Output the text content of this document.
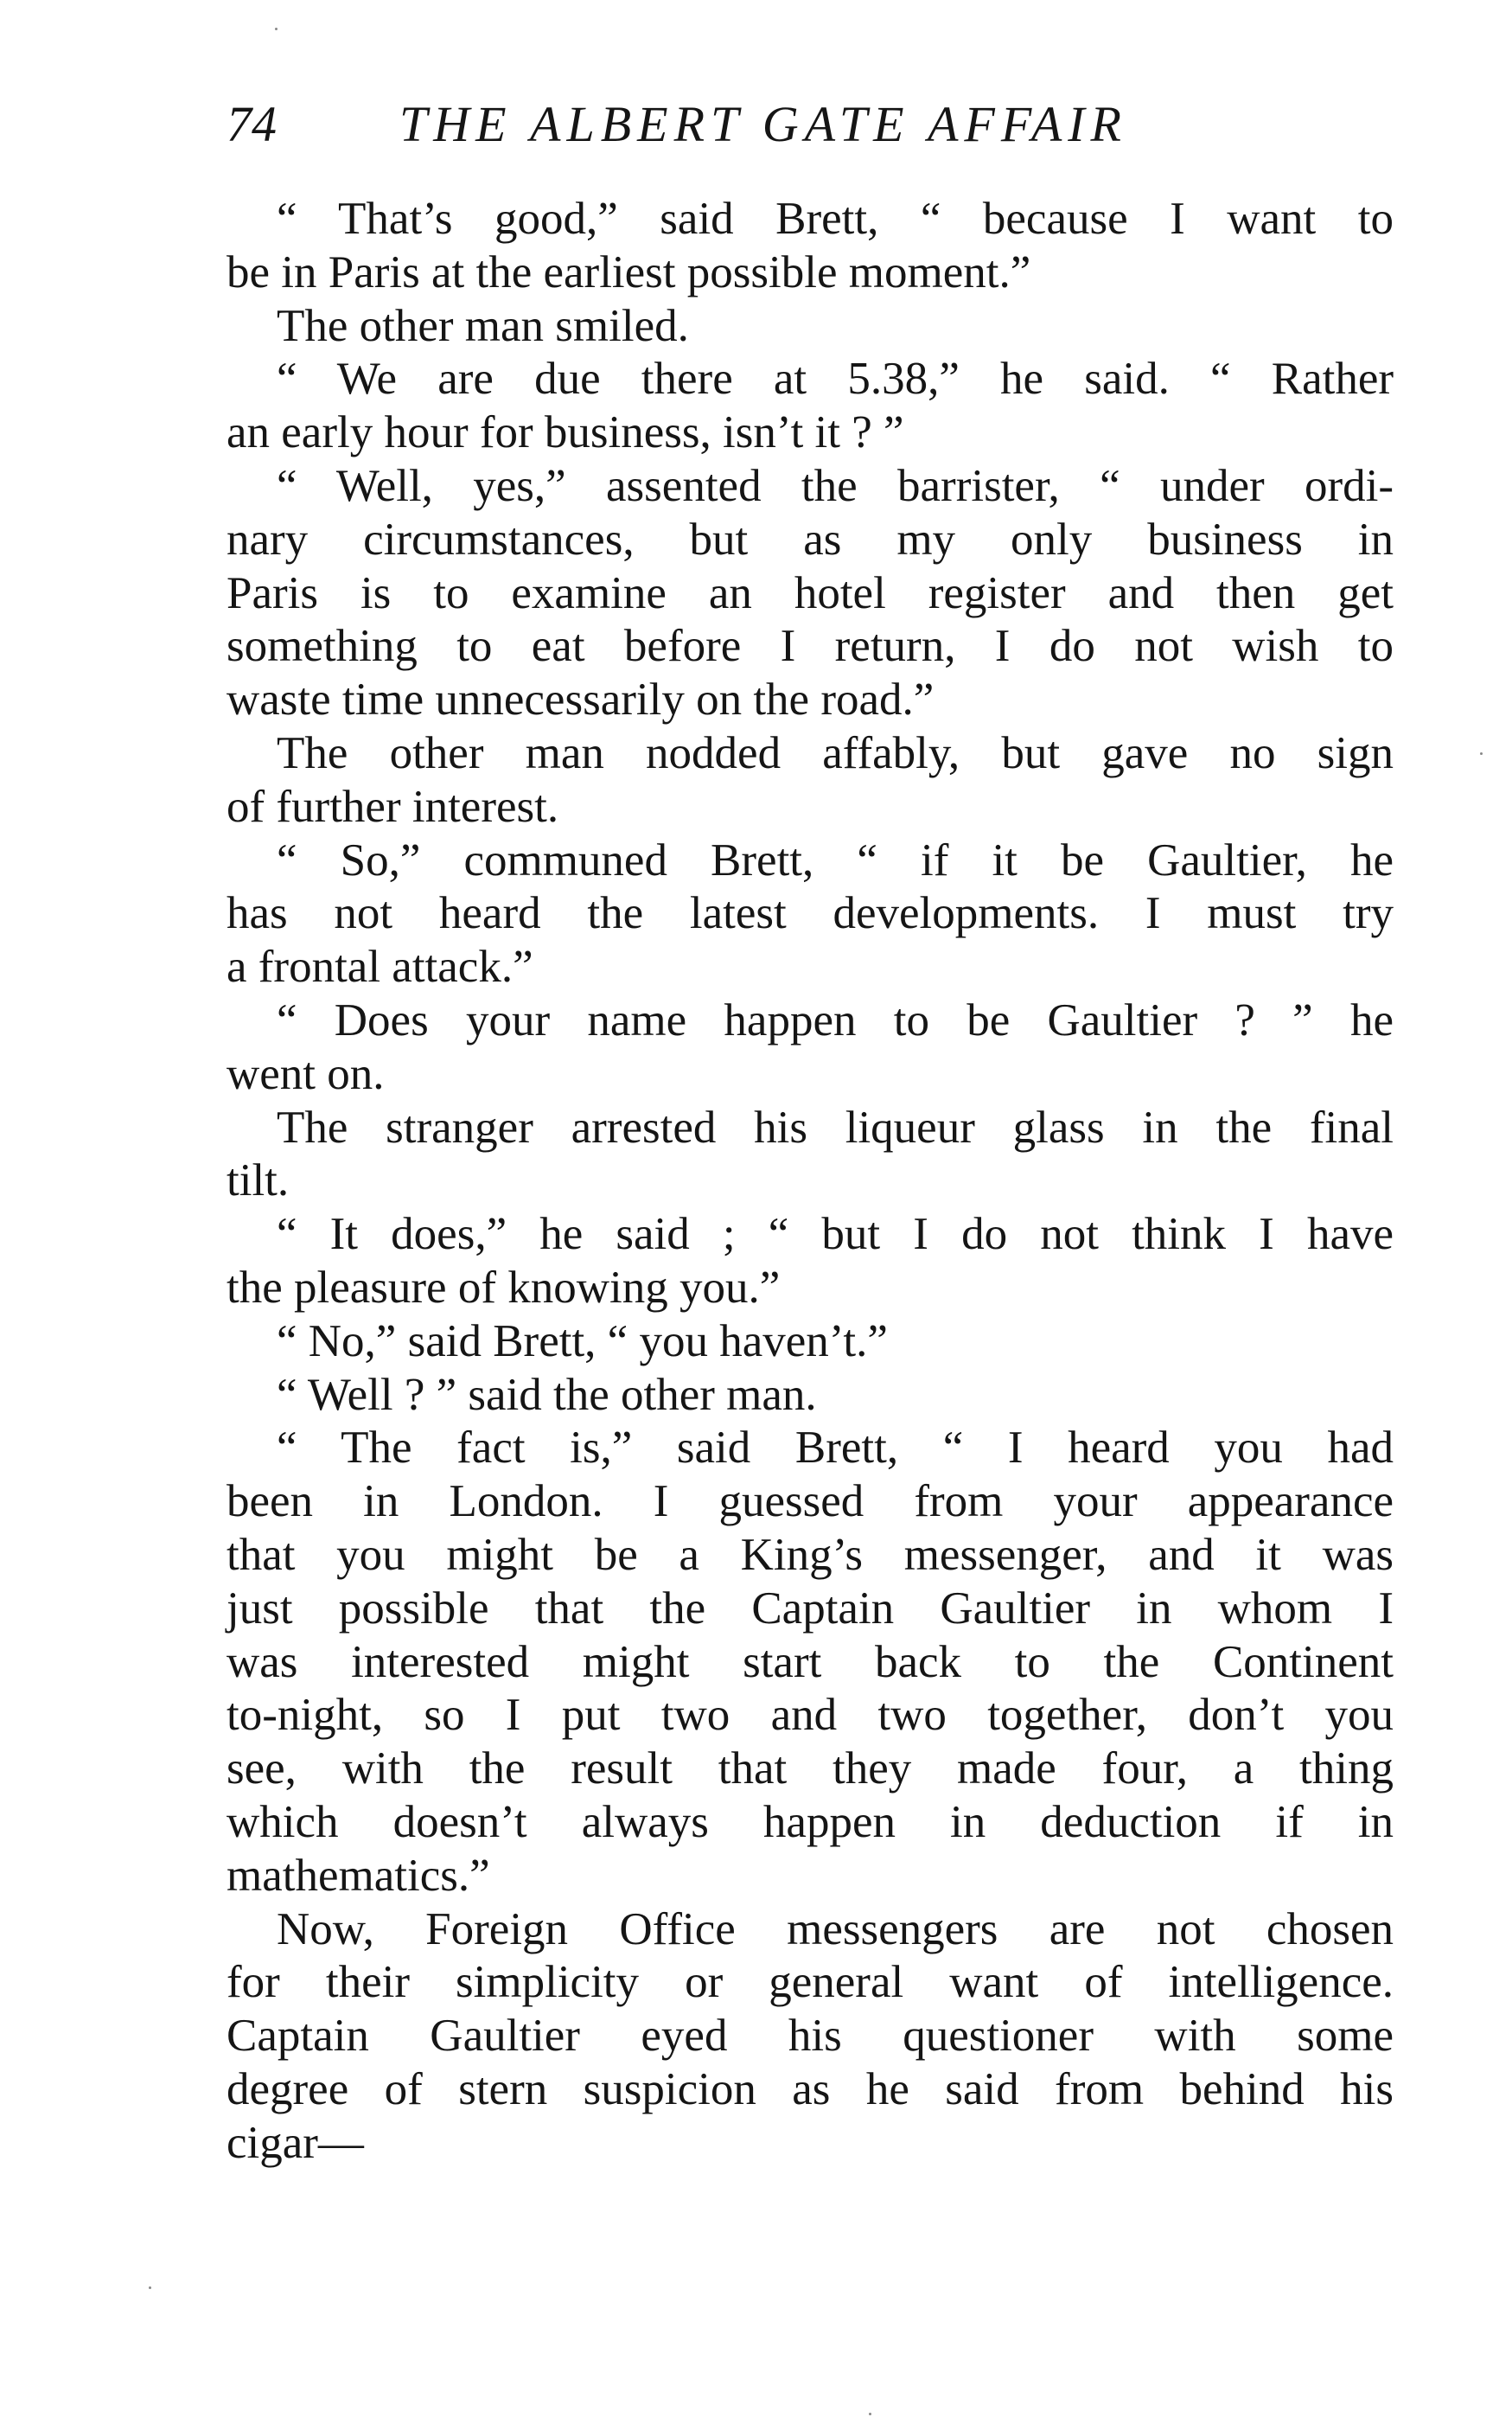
74 THE ALBERT GATE AFFAIR

“ That’s good,” said Brett, “ because I want to
be in Paris at the earliest possible moment.”

The other man smiled.

“ We are due there at 5.38,” he said. “ Rather
an early hour for business, isn’t it ? ”

“ Well, yes,” assented the barrister, “ under ordi-
nary circumstances, but as my only business in
Paris is to examine an hotel register and then get
something to eat before I return, I do not wish to
waste time unnecessarily on the road.”

The other man nodded affably, but gave no sign
of further interest.

“ So,” communed Brett, “ if it be Gaultier, he
has not heard the latest developments. I must try
a frontal attack.”

“ Does your name happen to be Gaultier ? ” he
went on.

The stranger arrested his liqueur glass in the final
tilt.

“ It does,” he said ; “ but I do not think I have
the pleasure of knowing you.”

“ No,” said Brett, “ you haven’t.”

“ Well ? ” said the other man.

“ The fact is,” said Brett, “ I heard you had
been in London. I guessed from your appearance
that you might be a King’s messenger, and it was
just possible that the Captain Gaultier in whom I
was interested might start back to the Continent
to-night, so I put two and two together, don’t you
see, with the result that they made four, a thing
which doesn’t always happen in deduction if in
mathematics.”

Now, Foreign Office messengers are not chosen
for their simplicity or general want of intelligence.
Captain Gaultier eyed his questioner with some
degree of stern suspicion as he said from behind his
cigar—
